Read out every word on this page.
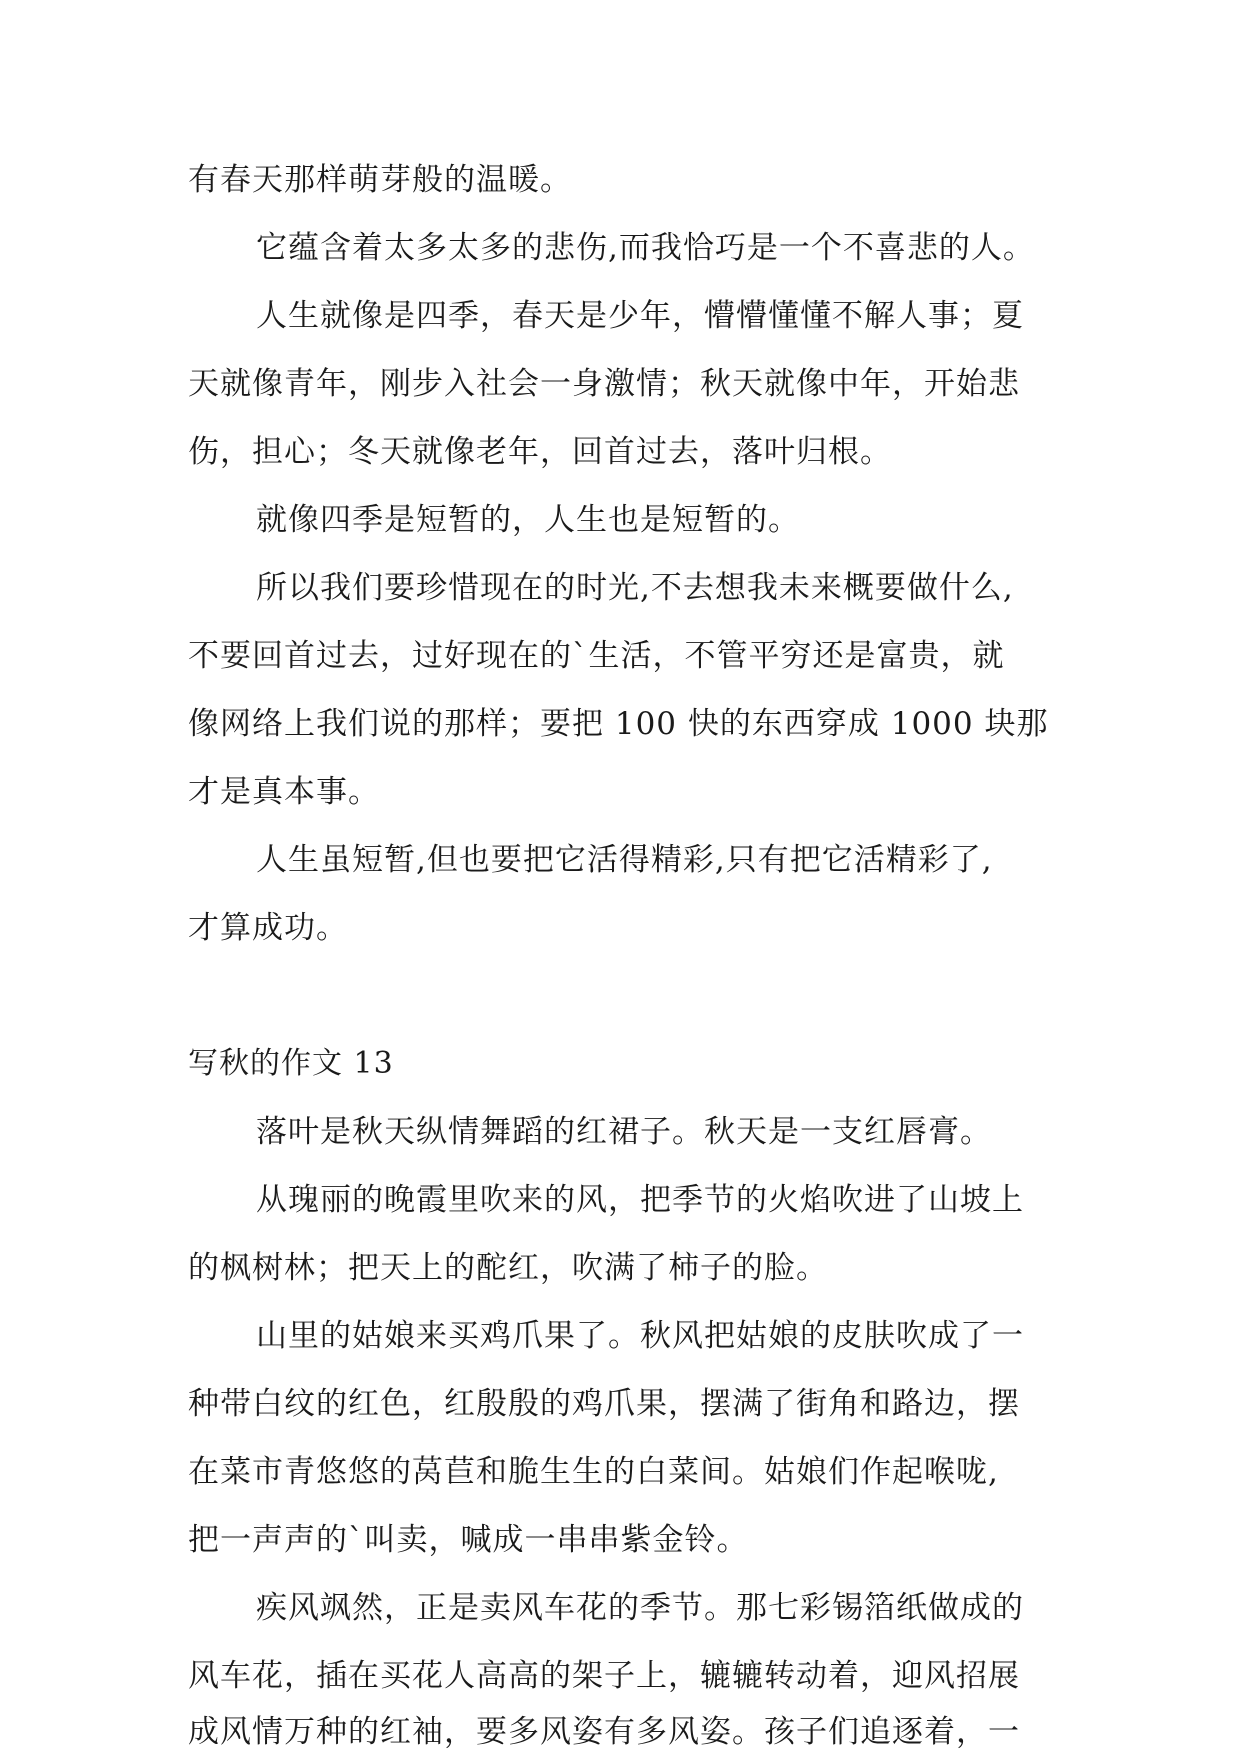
有春天那样萌芽般的温暖。
它蕴含着太多太多的悲伤,而我恰巧是一个不喜悲的人。
人生就像是四季，春天是少年，懵懵懂懂不解人事；夏
天就像青年，刚步入社会一身激情；秋天就像中年，开始悲
伤，担心；冬天就像老年，回首过去，落叶归根。
就像四季是短暂的，人生也是短暂的。
所以我们要珍惜现在的时光,不去想我未来概要做什么,
不要回首过去，过好现在的`生活，不管平穷还是富贵，就
像网络上我们说的那样；要把 100 快的东西穿成 1000 块那
才是真本事。
人生虽短暂,但也要把它活得精彩,只有把它活精彩了,
才算成功。
写秋的作文 13
落叶是秋天纵情舞蹈的红裙子。秋天是一支红唇膏。
从瑰丽的晚霞里吹来的风，把季节的火焰吹进了山坡上
的枫树林；把天上的酡红，吹满了柿子的脸。
山里的姑娘来买鸡爪果了。秋风把姑娘的皮肤吹成了一
种带白纹的红色，红殷殷的鸡爪果，摆满了街角和路边，摆
在菜市青悠悠的莴苣和脆生生的白菜间。姑娘们作起喉咙,
把一声声的`叫卖，喊成一串串紫金铃。
疾风飒然，正是卖风车花的季节。那七彩锡箔纸做成的
风车花，插在买花人高高的架子上，辘辘转动着，迎风招展
成风情万种的红袖，要多风姿有多风姿。孩子们追逐着，一
